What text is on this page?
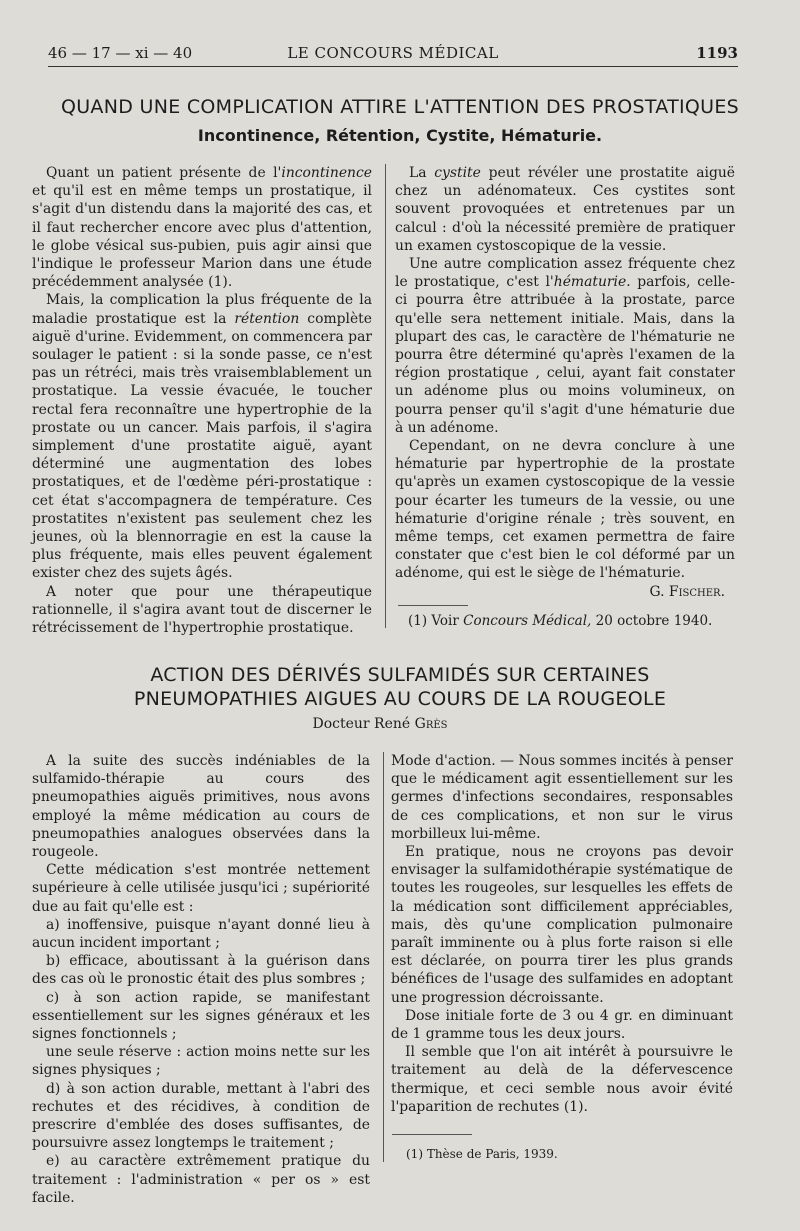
46 — 17 — xi — 40	LE CONCOURS MÉDICAL	1193
QUAND UNE COMPLICATION ATTIRE L'ATTENTION DES PROSTATIQUES
Incontinence, Rétention, Cystite, Hématurie.

Quant un patient présente de l'incontinence et qu'il est en même temps un prostatique, il s'agit d'un distendu dans la majorité des cas, et il faut rechercher encore avec plus d'attention, le globe vésical sus-pubien, puis agir ainsi que l'indique le professeur Marion dans une étude précédemment analysée (1).

Mais, la complication la plus fréquente de la maladie prostatique est la rétention complète aiguë d'urine. Evidemment, on commencera par soulager le patient : si la sonde passe, ce n'est pas un rétréci, mais très vraisemblablement un prostatique. La vessie évacuée, le toucher rectal fera reconnaître une hypertrophie de la prostate ou un cancer. Mais parfois, il s'agira simplement d'une prostatite aiguë, ayant déterminé une augmentation des lobes prostatiques, et de l'œdème péri-prostatique : cet état s'accompagnera de température. Ces prostatites n'existent pas seulement chez les jeunes, où la blennorragie en est la cause la plus fréquente, mais elles peuvent également exister chez des sujets âgés.

A noter que pour une thérapeutique rationnelle, il s'agira avant tout de discerner le rétrécissement de l'hypertrophie prostatique.

La cystite peut révéler une prostatite aiguë chez un adénomateux. Ces cystites sont souvent provoquées et entretenues par un calcul : d'où la nécessité première de pratiquer un examen cystoscopique de la vessie.

Une autre complication assez fréquente chez le prostatique, c'est l'hématurie. parfois, celle-ci pourra être attribuée à la prostate, parce qu'elle sera nettement initiale. Mais, dans la plupart des cas, le caractère de l'hématurie ne pourra être déterminé qu'après l'examen de la région prostatique , celui, ayant fait constater un adénome plus ou moins volumineux, on pourra penser qu'il s'agit d'une hématurie due à un adénome.

Cependant, on ne devra conclure à une hématurie par hypertrophie de la prostate qu'après un examen cystoscopique de la vessie pour écarter les tumeurs de la vessie, ou une hématurie d'origine rénale ; très souvent, en même temps, cet examen permettra de faire constater que c'est bien le col déformé par un adénome, qui est le siège de l'hématurie.

G. Fischer.

(1) Voir Concours Médical, 20 octobre 1940.
ACTION DES DÉRIVÉS SULFAMIDÉS SUR CERTAINES
PNEUMOPATHIES AIGUES AU COURS DE LA ROUGEOLE
Docteur René Grès

A la suite des succès indéniables de la sulfamido-thérapie au cours des pneumopathies aiguës primitives, nous avons employé la même médication au cours de pneumopathies analogues observées dans la rougeole.

Cette médication s'est montrée nettement supérieure à celle utilisée jusqu'ici ; supériorité due au fait qu'elle est :

a) inoffensive, puisque n'ayant donné lieu à aucun incident important ;

b) efficace, aboutissant à la guérison dans des cas où le pronostic était des plus sombres ;

c) à son action rapide, se manifestant essentiellement sur les signes généraux et les signes fonctionnels ;

une seule réserve : action moins nette sur les signes physiques ;

d) à son action durable, mettant à l'abri des rechutes et des récidives, à condition de prescrire d'emblée des doses suffisantes, de poursuivre assez longtemps le traitement ;

e) au caractère extrêmement pratique du traitement : l'administration « per os » est facile.

Mode d'action. — Nous sommes incités à penser que le médicament agit essentiellement sur les germes d'infections secondaires, responsables de ces complications, et non sur le virus morbilleux lui-même.

En pratique, nous ne croyons pas devoir envisager la sulfamidothérapie systématique de toutes les rougeoles, sur lesquelles les effets de la médication sont difficilement appréciables, mais, dès qu'une complication pulmonaire paraît imminente ou à plus forte raison si elle est déclarée, on pourra tirer les plus grands bénéfices de l'usage des sulfamides en adoptant une progression décroissante.

Dose initiale forte de 3 ou 4 gr. en diminuant de 1 gramme tous les deux jours.

Il semble que l'on ait intérêt à poursuivre le traitement au delà de la défervescence thermique, et ceci semble nous avoir évité l'paparition de rechutes (1).

(1) Thèse de Paris, 1939.
